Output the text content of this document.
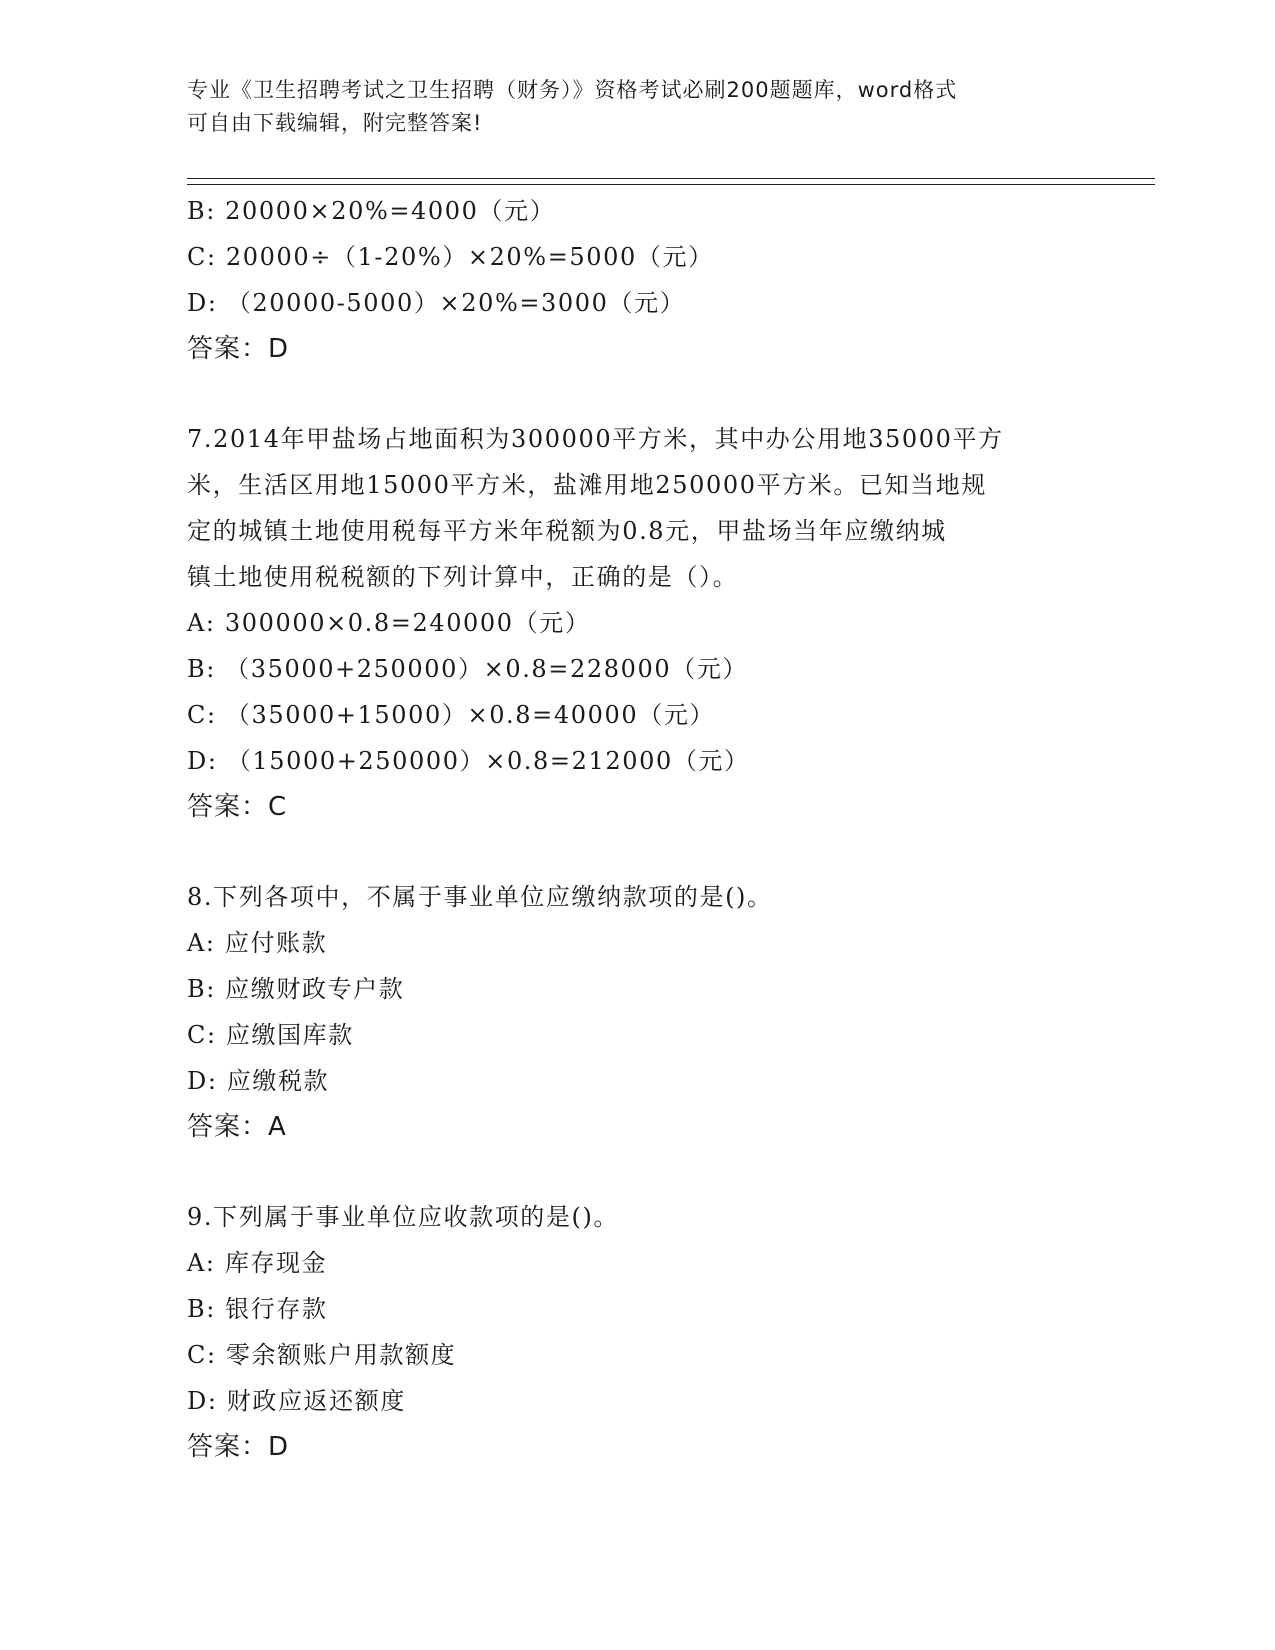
专业《卫生招聘考试之卫生招聘（财务）》资格考试必刷200题题库，word格式
可自由下载编辑，附完整答案!
B: 20000×20%=4000（元）
C: 20000÷（1-20%）×20%=5000（元）
D: （20000-5000）×20%=3000（元）
答案：D
7.2014年甲盐场占地面积为300000平方米，其中办公用地35000平方
米，生活区用地15000平方米，盐滩用地250000平方米。已知当地规
定的城镇土地使用税每平方米年税额为0.8元，甲盐场当年应缴纳城
镇土地使用税税额的下列计算中，正确的是（）。
A: 300000×0.8=240000（元）
B: （35000+250000）×0.8=228000（元）
C: （35000+15000）×0.8=40000（元）
D: （15000+250000）×0.8=212000（元）
答案：C
8.下列各项中，不属于事业单位应缴纳款项的是()。
A: 应付账款
B: 应缴财政专户款
C: 应缴国库款
D: 应缴税款
答案：A
9.下列属于事业单位应收款项的是()。
A: 库存现金
B: 银行存款
C: 零余额账户用款额度
D: 财政应返还额度
答案：D
